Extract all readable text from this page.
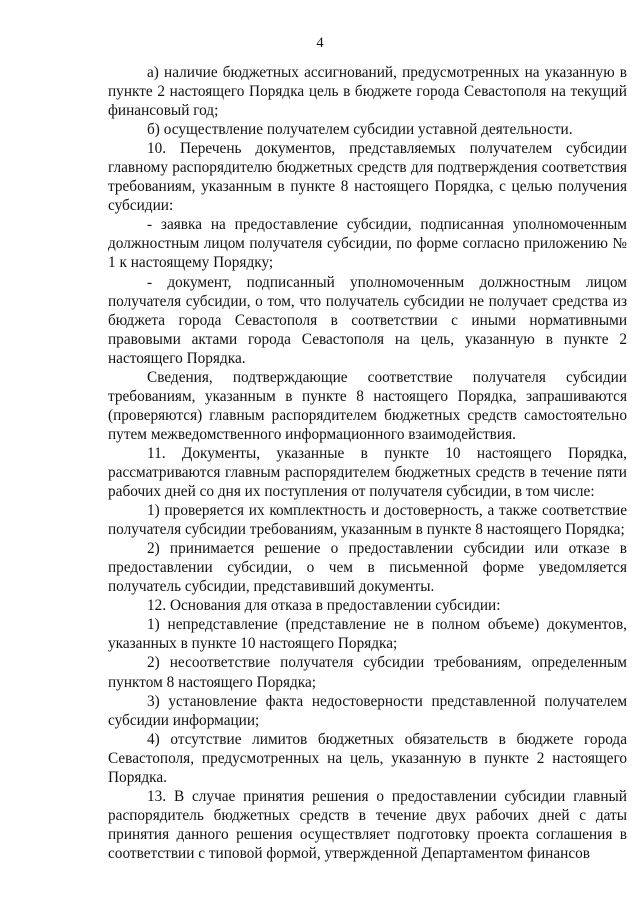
4

а) наличие бюджетных ассигнований, предусмотренных на указанную в пункте 2 настоящего Порядка цель в бюджете города Севастополя на текущий финансовый год;

б) осуществление получателем субсидии уставной деятельности.

10. Перечень документов, представляемых получателем субсидии главному распорядителю бюджетных средств для подтверждения соответствия требованиям, указанным в пункте 8 настоящего Порядка, с целью получения субсидии:

- заявка на предоставление субсидии, подписанная уполномоченным должностным лицом получателя субсидии, по форме согласно приложению № 1 к настоящему Порядку;

- документ, подписанный уполномоченным должностным лицом получателя субсидии, о том, что получатель субсидии не получает средства из бюджета города Севастополя в соответствии с иными нормативными правовыми актами города Севастополя на цель, указанную в пункте 2 настоящего Порядка.

Сведения, подтверждающие соответствие получателя субсидии требованиям, указанным в пункте 8 настоящего Порядка, запрашиваются (проверяются) главным распорядителем бюджетных средств самостоятельно путем межведомственного информационного взаимодействия.

11. Документы, указанные в пункте 10 настоящего Порядка, рассматриваются главным распорядителем бюджетных средств в течение пяти рабочих дней со дня их поступления от получателя субсидии, в том числе:

1) проверяется их комплектность и достоверность, а также соответствие получателя субсидии требованиям, указанным в пункте 8 настоящего Порядка;

2) принимается решение о предоставлении субсидии или отказе в предоставлении субсидии, о чем в письменной форме уведомляется получатель субсидии, представивший документы.

12. Основания для отказа в предоставлении субсидии:

1) непредставление (представление не в полном объеме) документов, указанных в пункте 10 настоящего Порядка;

2) несоответствие получателя субсидии требованиям, определенным пунктом 8 настоящего Порядка;

3) установление факта недостоверности представленной получателем субсидии информации;

4) отсутствие лимитов бюджетных обязательств в бюджете города Севастополя, предусмотренных на цель, указанную в пункте 2 настоящего Порядка.

13. В случае принятия решения о предоставлении субсидии главный распорядитель бюджетных средств в течение двух рабочих дней с даты принятия данного решения осуществляет подготовку проекта соглашения в соответствии с типовой формой, утвержденной Департаментом финансов
